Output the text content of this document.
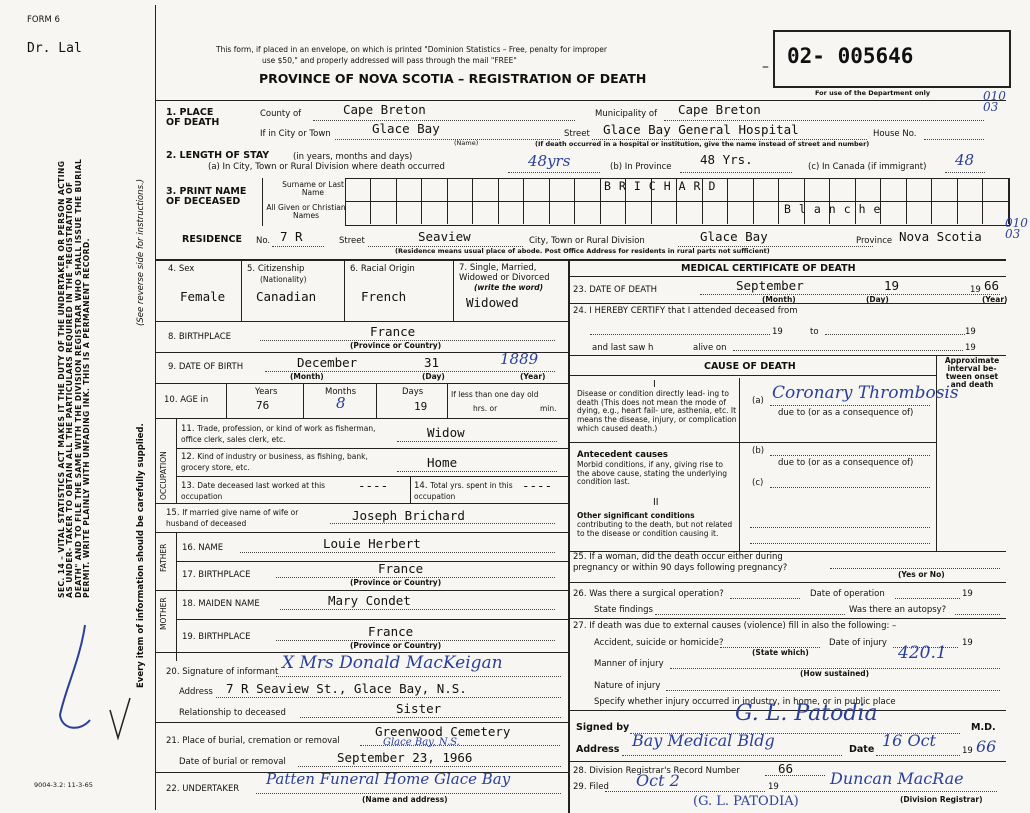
FORM 6
Dr. Lal
SEC. 14 – VITAL STATISTICS ACT MAKES IT THE DUTY OF THE UNDERTAKER OR PERSON ACTING AS UNDER- TAKER TO OBTAIN ALL THE PARTICULARS REQUIRED IN THE "REGISTRATION OF DEATH" AND TO FILE THE SAME WITH THE DIVISION REGISTRAR WHO SHALL ISSUE THE BURIAL PERMIT. WRITE PLAINLY WITH UNFADING INK. THIS IS A PERMANENT RECORD.	Every item of information should be carefully supplied.
(See reverse side for instructions.)
9004-3.2: 11-3-65
This form, if placed in an envelope, on which is printed "Dominion Statistics – Free, penalty for improper
use $50," and properly addressed will pass through the mail "FREE"
PROVINCE OF NOVA SCOTIA – REGISTRATION OF DEATH
02- 005646
–
For use of the Department only	010 03
1. PLACE OF DEATH
County of	Cape Breton	Municipality of Cape Breton
If in City or Town	Glace Bay
(Name)
Street Glace Bay General Hospital	House No.
(If death occurred in a hospital or institution, give the name instead of street and number)
2. LENGTH OF STAY	(in years, months and days)
(a) In City, Town or Rural Division where death occurred	48yrs	(b) In Province 48 Yrs.	(c) In Canada (if immigrant) 48
3. PRINT NAME OF DECEASED
Surname or Last Name
All Given or Christian Names
BRICHARD
Blanche
RESIDENCE No. 7 R	Street	Seaview	City, Town or Rural Division	Glace Bay	Province Nova Scotia
(Residence means usual place of abode. Post Office Address for residents in rural parts not sufficient)
010 03
4. Sex
Female
5. Citizenship
(Nationality)
Canadian
6. Racial Origin
French
7. Single, Married,
Widowed or Divorced
(write the word)
Widowed
8. BIRTHPLACE	France
(Province or Country)
9. DATE OF BIRTH	December	31	1889
(Month)	(Day)	(Year)
10. AGE in
Years	Months	Days
76	8	19
If less than one day old
hrs. or	min.
OCCUPATION
11. Trade, profession, or kind of work as fisherman, office clerk, sales clerk, etc.	Widow
12. Kind of industry or business, as fishing, bank, grocery store, etc.	Home
13. Date deceased last worked at this occupation
----	14. Total yrs. spent in this occupation
----
15. If married give name of wife or husband of deceased
Joseph Brichard
FATHER 16. NAME	Louie Herbert
17. BIRTHPLACE	France
(Province or Country)
MOTHER 18. MAIDEN NAME	Mary Condet
19. BIRTHPLACE	France
(Province or Country)
20. Signature of informant X Mrs Donald MacKeigan
Address 7 R Seaview St., Glace Bay, N.S.
Relationship to deceased	Sister
21. Place of burial, cremation or removal
Greenwood Cemetery
Glace Bay, N.S.
Date of burial or removal	September 23, 1966
22. UNDERTAKER
Patten Funeral Home Glace Bay
(Name and address)
MEDICAL CERTIFICATE OF DEATH
23. DATE OF DEATH	September	19	19 66
(Month)	(Day)	(Year)
24. I HEREBY CERTIFY that I attended deceased from
19	to	19
and last saw h	alive on	19
CAUSE OF DEATH
Approximate interval be- tween onset and death
I
Disease or condition directly lead- ing to death (This does not mean the mode of dying, e.g., heart fail- ure, asthenia, etc. It means the disease, injury, or complication which caused death.)
(a) Coronary Thrombosis
due to (or as a consequence of)
Antecedent causes
Morbid conditions, if any, giving rise to the above cause, stating the underlying condition last.
(b)
due to (or as a consequence of)
(c)
II
Other significant conditions
contributing to the death, but not related to the disease or condition causing it.
25. If a woman, did the death occur either during pregnancy or within 90 days following pregnancy?
(Yes or No)
26. Was there a surgical operation?	Date of operation	19
State findings	Was there an autopsy?
27. If death was due to external causes (violence) fill in also the following: –
Accident, suicide or homicide?	Date of injury	19
(State which)	420.1
Manner of injury
(How sustained)
Nature of injury
Specify whether injury occurred in industry, in home, or in public place
Signed by
G. L. Patodia
M.D.
Address Bay Medical Bldg	Date 16 Oct
19 66
28. Division Registrar's Record Number	66
29. Filed Oct 2	19	Duncan MacRae
(Division Registrar)
(G. L. PATODIA)
